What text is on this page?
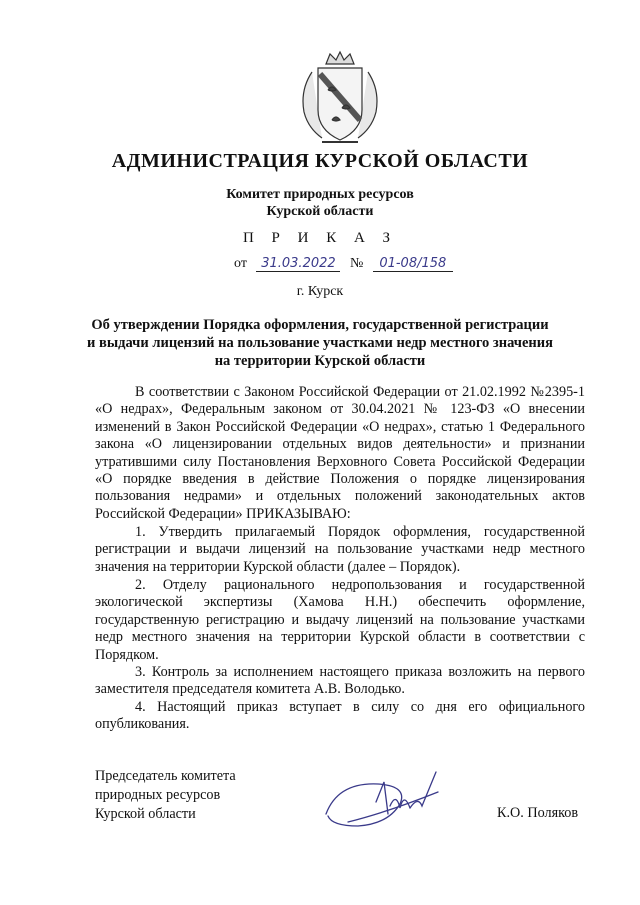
АДМИНИСТРАЦИЯ КУРСКОЙ ОБЛАСТИ
Комитет природных ресурсов
Курской области
П Р И К А З
от 31.03.2022 № 01-08/158
г. Курск
Об утверждении Порядка оформления, государственной регистрации
и выдачи лицензий на пользование участками недр местного значения
на территории Курской области
В соответствии с Законом Российской Федерации от 21.02.1992 №2395-1 «О недрах», Федеральным законом от 30.04.2021 № 123-ФЗ «О внесении изменений в Закон Российской Федерации «О недрах», статью 1 Федерального закона «О лицензировании отдельных видов деятельности» и признании утратившими силу Постановления Верховного Совета Российской Федерации «О порядке введения в действие Положения о порядке лицензирования пользования недрами» и отдельных положений законодательных актов Российской Федерации» ПРИКАЗЫВАЮ:
1. Утвердить прилагаемый Порядок оформления, государственной регистрации и выдачи лицензий на пользование участками недр местного значения на территории Курской области (далее – Порядок).
2. Отделу рационального недропользования и государственной экологической экспертизы (Хамова Н.Н.) обеспечить оформление, государственную регистрацию и выдачу лицензий на пользование участками недр местного значения на территории Курской области в соответствии с Порядком.
3. Контроль за исполнением настоящего приказа возложить на первого заместителя председателя комитета А.В. Володько.
4. Настоящий приказ вступает в силу со дня его официального опубликования.
Председатель комитета
природных ресурсов
Курской области	К.О. Поляков
